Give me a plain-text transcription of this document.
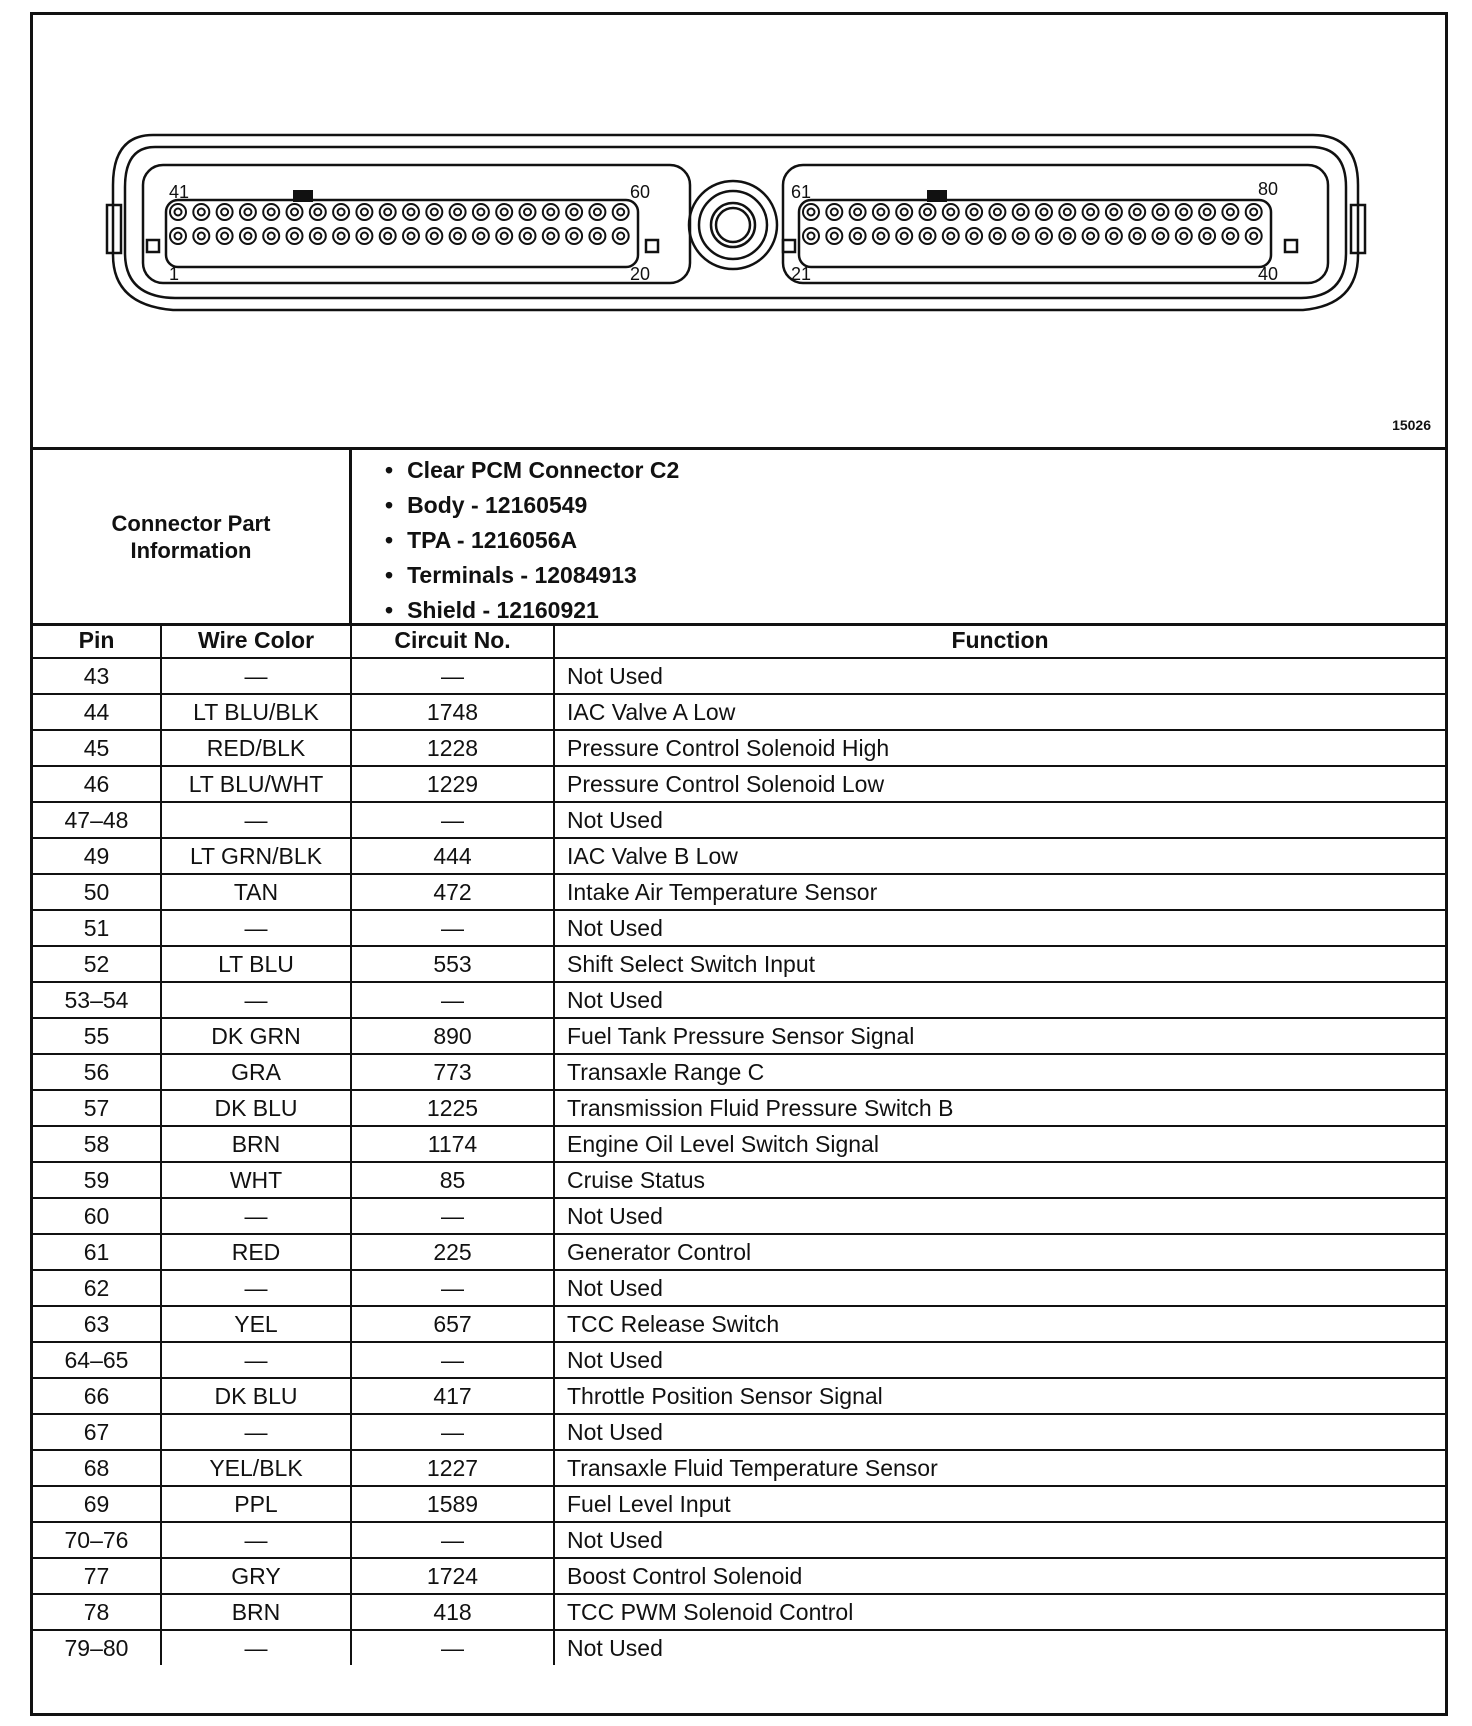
41	60
1	20
61	80
21	40
15026
Connector Part
Information
• Clear PCM Connector C2
• Body - 12160549
• TPA - 1216056A
• Terminals - 12084913
• Shield - 12160921
Pin	Wire Color	Circuit No.	Function
43	—	—	Not Used
44	LT BLU/BLK	1748	IAC Valve A Low
45	RED/BLK	1228	Pressure Control Solenoid High
46	LT BLU/WHT	1229	Pressure Control Solenoid Low
47–48	—	—	Not Used
49	LT GRN/BLK	444	IAC Valve B Low
50	TAN	472	Intake Air Temperature Sensor
51	—	—	Not Used
52	LT BLU	553	Shift Select Switch Input
53–54	—	—	Not Used
55	DK GRN	890	Fuel Tank Pressure Sensor Signal
56	GRA	773	Transaxle Range C
57	DK BLU	1225	Transmission Fluid Pressure Switch B
58	BRN	1174	Engine Oil Level Switch Signal
59	WHT	85	Cruise Status
60	—	—	Not Used
61	RED	225	Generator Control
62	—	—	Not Used
63	YEL	657	TCC Release Switch
64–65	—	—	Not Used
66	DK BLU	417	Throttle Position Sensor Signal
67	—	—	Not Used
68	YEL/BLK	1227	Transaxle Fluid Temperature Sensor
69	PPL	1589	Fuel Level Input
70–76	—	—	Not Used
77	GRY	1724	Boost Control Solenoid
78	BRN	418	TCC PWM Solenoid Control
79–80	—	—	Not Used
